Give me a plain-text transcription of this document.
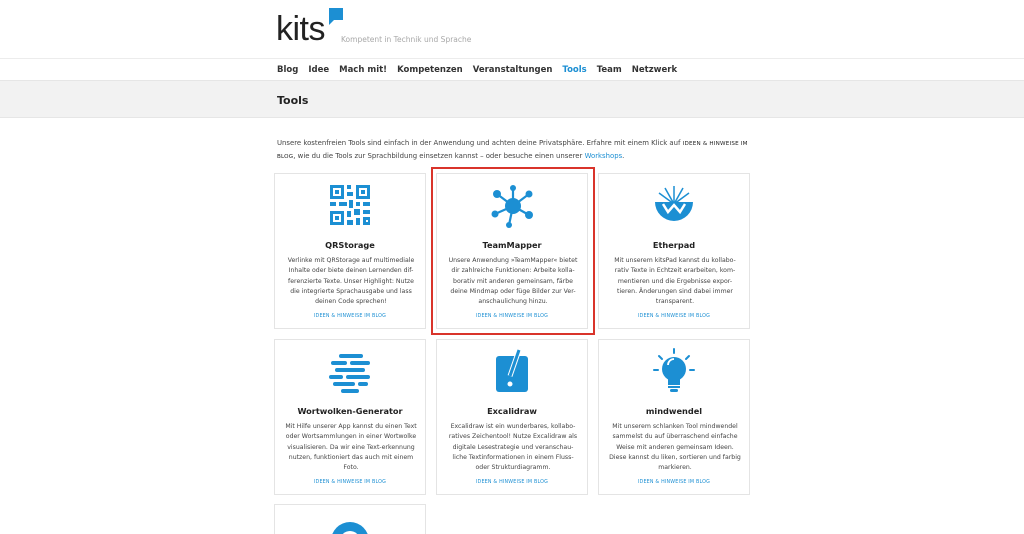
kits Kompetent in Technik und Sprache
Blog Idee Mach mit! Kompetenzen Veranstaltungen Tools Team Netzwerk
Tools
Unsere kostenfreien Tools sind einfach in der Anwendung und achten deine Privatsphäre. Erfahre mit einem Klick auf IDEEN & HINWEISE IM BLOG, wie du die Tools zur Sprachbildung einsetzen kannst – oder besuche einen unserer Workshops.
QRStorage

Verlinke mit QRStorage auf multimediale Inhalte oder biete deinen Lernenden dif-ferenzierte Texte. Unser Highlight: Nutze die integrierte Sprachausgabe und lass deinen Code sprechen!

IDEEN & HINWEISE IM BLOG
TeamMapper

Unsere Anwendung »TeamMapper« bietet dir zahlreiche Funktionen: Arbeite kolla-borativ mit anderen gemeinsam, färbe deine Mindmap oder füge Bilder zur Ver-anschaulichung hinzu.

IDEEN & HINWEISE IM BLOG
Etherpad

Mit unserem kitsPad kannst du kollabo-rativ Texte in Echtzeit erarbeiten, kom-mentieren und die Ergebnisse expor-tieren. Änderungen sind dabei immer transparent.

IDEEN & HINWEISE IM BLOG
Wortwolken-Generator

Mit Hilfe unserer App kannst du einen Text oder Wortsammlungen in einer Wortwolke visualisieren. Da wir eine Text-erkennung nutzen, funktioniert das auch mit einem Foto.

IDEEN & HINWEISE IM BLOG
Excalidraw

Excalidraw ist ein wunderbares, kollabo-ratives Zeichentool! Nutze Excalidraw als digitale Lesestrategie und veranschau-liche Textinformationen in einem Fluss- oder Strukturdiagramm.

IDEEN & HINWEISE IM BLOG
mindwendel

Mit unserem schlanken Tool mindwendel sammelst du auf überraschend einfache Weise mit anderen gemeinsam Ideen. Diese kannst du liken, sortieren und farbig markieren.

IDEEN & HINWEISE IM BLOG
